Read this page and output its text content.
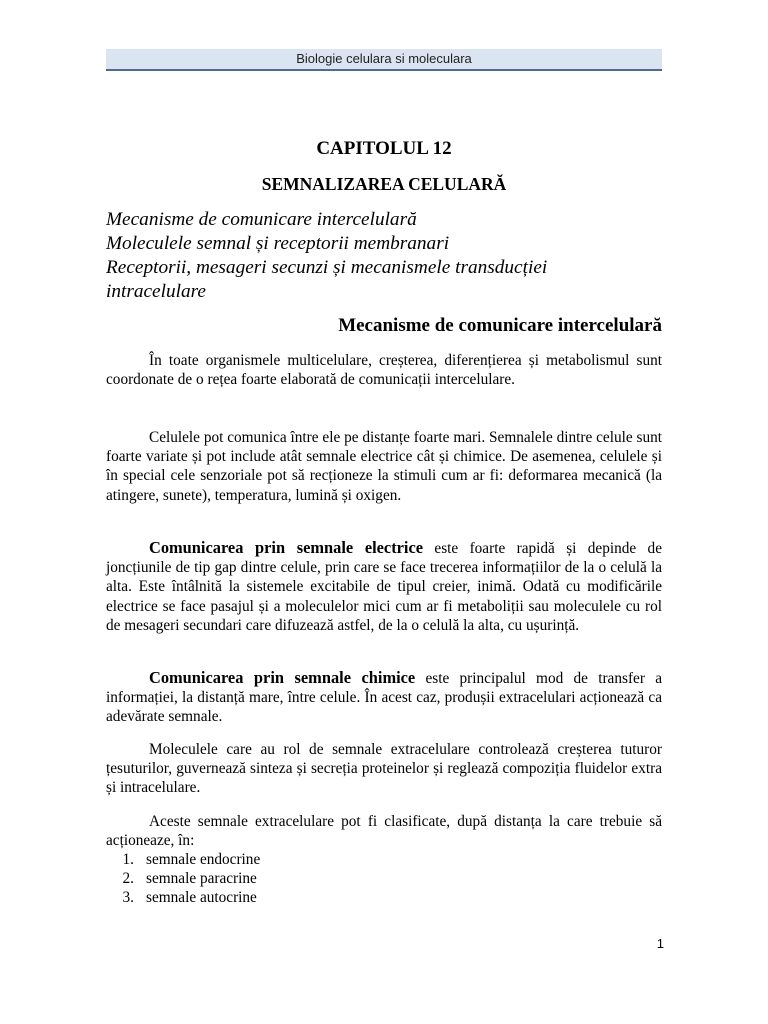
Biologie celulara si moleculara
CAPITOLUL 12
SEMNALIZAREA CELULARĂ
Mecanisme de comunicare intercelulară
Moleculele semnal și receptorii membranari
Receptorii, mesageri secunzi și mecanismele transducției
intracelulare
Mecanisme de comunicare intercelulară
În toate organismele multicelulare, creșterea, diferențierea și metabolismul sunt coordonate de o rețea foarte elaborată de comunicații intercelulare.
Celulele pot comunica între ele pe distanțe foarte mari. Semnalele dintre celule sunt foarte variate și pot include atât semnale electrice cât și chimice. De asemenea, celulele și în special cele senzoriale pot să recționeze la stimuli cum ar fi: deformarea mecanică (la atingere, sunete), temperatura, lumină și oxigen.
Comunicarea prin semnale electrice este foarte rapidă și depinde de joncțiunile de tip gap dintre celule, prin care se face trecerea informațiilor de la o celulă la alta. Este întâlnită la sistemele excitabile de tipul creier, inimă. Odată cu modificările electrice se face pasajul și a moleculelor mici cum ar fi metaboliții sau moleculele cu rol de mesageri secundari care difuzează astfel, de la o celulă la alta, cu ușurință.
Comunicarea prin semnale chimice este principalul mod de transfer a informației, la distanță mare, între celule. În acest caz, produșii extracelulari acționează ca adevărate semnale.
Moleculele care au rol de semnale extracelulare controlează creșterea tuturor țesuturilor, guvernează sinteza și secreția proteinelor și reglează compoziția fluidelor extra și intracelulare.
Aceste semnale extracelulare pot fi clasificate, după distanța la care trebuie să acționeaze, în:
1. semnale endocrine
2. semnale paracrine
3. semnale autocrine
1
